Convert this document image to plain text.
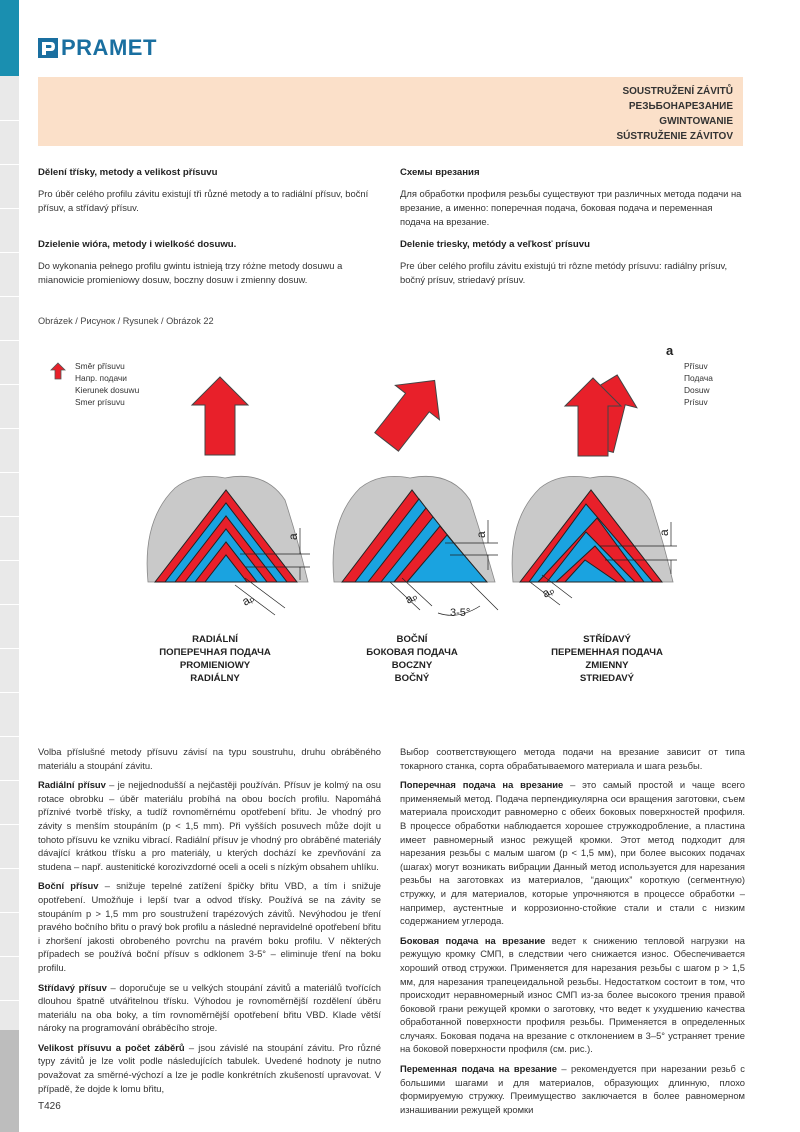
PRAMET
SOUSTRUŽENÍ ZÁVITŮ
РЕЗЬБОНАРЕЗАНИЕ
GWINTOWANIE
SÚSTRUŽENIE ZÁVITOV
Dělení třísky, metody a velikost přísuvu

Pro úběr celého profilu závitu existují tři různé metody a to radiální přísuv, boční přísuv, a střídavý přísuv.

Dzielenie wióra, metody i wielkość dosuwu.

Do wykonania pełnego profilu gwintu istnieją trzy różne metody dosuwu a mianowicie promieniowy dosuw, boczny dosuw i zmienny dosuw.

Схемы врезания

Для обработки профиля резьбы существуют три различных метода подачи на врезание, а именно: поперечная подача, боковая подача и переменная подача на врезание.

Delenie triesky, metódy a veľkosť prísuvu

Pre úber celého profilu závitu existujú tri rôzne metódy prísuvu: radiálny prísuv, bočný prísuv, striedavý prísuv.

Obrázek / Рисунок / Rysunek / Obrázok 22
Směr přísuvu
Напр. подачи
Kierunek dosuwu
Smer prísuvu
a
Přísuv
Подача
Dosuw
Prísuv
a
aₚ
a
aₚ
3-5°
a
aₚ
RADIÁLNÍ
ПОПЕРЕЧНАЯ ПОДАЧА
PROMIENIOWY
RADIÁLNY
BOČNÍ
БОКОВАЯ ПОДАЧА
BOCZNY
BOČNÝ
STŘÍDAVÝ
ПЕРЕМЕННАЯ ПОДАЧА
ZMIENNY
STRIEDAVÝ

Volba příslušné metody přísuvu závisí na typu soustruhu, druhu obráběného materiálu a stoupání závitu.

Radiální přísuv – je nejjednodušší a nejčastěji používán. Přísuv je kolmý na osu rotace obrobku – úběr materiálu probíhá na obou bocích profilu. Napomáhá příznivé tvorbě třísky, a tudíž rovnoměrnému opotřebení břitu. Je vhodný pro závity s menším stoupáním (p < 1,5 mm). Při vyšších posuvech může dojít u tohoto přísuvu ke vzniku vibrací. Radiální přísuv je vhodný pro obráběné materiály dávající krátkou třísku a pro materiály, u kterých dochází ke zpevňování za studena – např. austenitické korozivzdorné oceli a oceli s nízkým obsahem uhlíku.

Boční přísuv – snižuje tepelné zatížení špičky břitu VBD, a tím i snižuje opotřebení. Umožňuje i lepší tvar a odvod třísky. Používá se na závity se stoupáním p > 1,5 mm pro soustružení trapézových závitů. Nevýhodou je tření pravého bočního břitu o pravý bok profilu a následné nepravidelné opotřebení břitu i zhoršení jakosti obrobeného povrchu na pravém boku profilu. V některých případech se používá boční přísuv s odklonem 3-5° – eliminuje tření na boku profilu.

Střídavý přísuv – doporučuje se u velkých stoupání závitů a materiálů tvořících dlouhou špatně utvářitelnou třísku. Výhodou je rovnoměrnější rozdělení úběru materiálu na oba boky, a tím rovnoměrnější opotřebení břitu VBD. Klade větší nároky na programování obráběcího stroje.

Velikost přísuvu a počet záběrů – jsou závislé na stoupání závitu. Pro různé typy závitů je lze volit podle následujících tabulek. Uvedené hodnoty je nutno považovat za směrné-výchozí a lze je podle konkrétních zkušeností upravovat. V případě, že dojde k lomu břitu,

Выбор соответствующего метода подачи на врезание зависит от типа токарного станка, сорта обрабатываемого материала и шага резьбы.

Поперечная подача на врезание – это самый простой и чаще всего применяемый метод. Подача перпендикулярна оси вращения заготовки, съем материала происходит равномерно с обеих боковых поверхностей профиля. В процессе обработки наблюдается хорошее стружкодробление, а пластина имеет равномерный износ режущей кромки. Этот метод подходит для нарезания резьбы с малым шагом (p < 1,5 мм), при более высоких подачах (шагах) могут возникать вибрации Данный метод используется для нарезания резьбы на заготовках из материалов, “дающих” короткую (сегментную) стружку, и для материалов, которые упрочняются в процессе обработки – например, аустентные и коррозионно-стойкие стали и стали с низким содержанием углерода.

Боковая подача на врезание ведет к снижению тепловой нагрузки на режущую кромку СМП, в следствии чего снижается износ. Обеспечивается хороший отвод стружки. Применяется для нарезания резьбы с шагом p > 1,5 мм, для нарезания трапецеидальной резьбы. Недостатком состоит в том, что происходит неравномерный износ СМП из-за более высокого трения правой боковой грани режущей кромки о заготовку, что ведет к ухудшению качества обработанной поверхности профиля резьбы. Применяется в определенных случаях. Боковая подача на врезание с отклонением в 3–5° устраняет трение на боковой поверхности профиля (см. рис.).

Переменная подача на врезание – рекомендуется при нарезании резьб с большими шагами и для материалов, образующих длинную, плохо формируемую стружку. Преимущество заключается в более равномерном изнашивании режущей кромки

T426
